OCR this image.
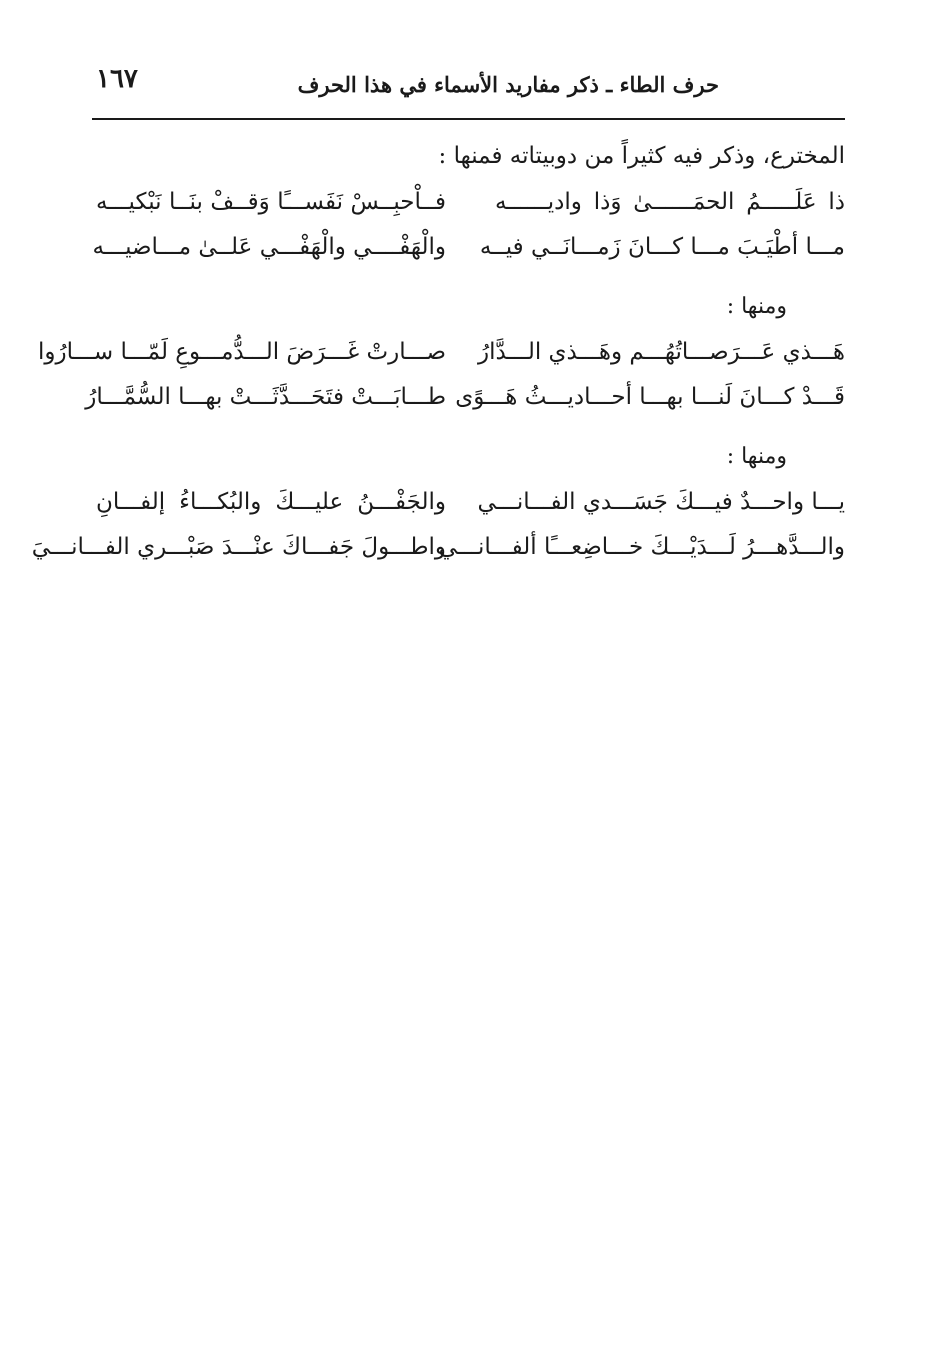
١٦٧	حرف الطاء ـ ذكر مفاريد الأسماء في هذا الحرف
المخترع، وذكر فيه كثيراً من دوبيتاته فمنها :
ذا عَلَـــــمُ الحمَــــــىٰ وَذا واديــــــه
فــاْحبِــسْ نَفَســـًا وَقــفْ بنَــا نَبْكيـــه
مـــا أطْيَـبَ مـــا كـــانَ زَمـــانَــي فيــه
والْهَفْــــي والْهَفْـــي عَلــىٰ مـــاضيـــه
ومنها :
هَـــذي عَـــرَصـــاتُهُـــم وهَـــذي الـــدَّارُ
صـــارتْ غَـــرَضَ الـــدُّمـــوعِ لَمّـــا ســـارُوا
قَـــدْ كـــانَ لَنـــا بهـــا أحـــاديـــثُ هَـــوًى
طـــابَـــتْ فتَحَـــدَّثَـــتْ بهـــا السُّمَّـــارُ
ومنها :
يـــا واحـــدٌ فيـــكَ جَسَـــدي الفـــانـــي
والجَفْـــنُ عليـــكَ والبُكـــاءُ إلفـــانِ
والـــدَّهـــرُ لَـــدَيْـــكَ خـــاضِعـــًا ألفـــانـــي
واطـــولَ جَفـــاكَ عنْـــدَ صَبْـــري الفـــانـــيَ
